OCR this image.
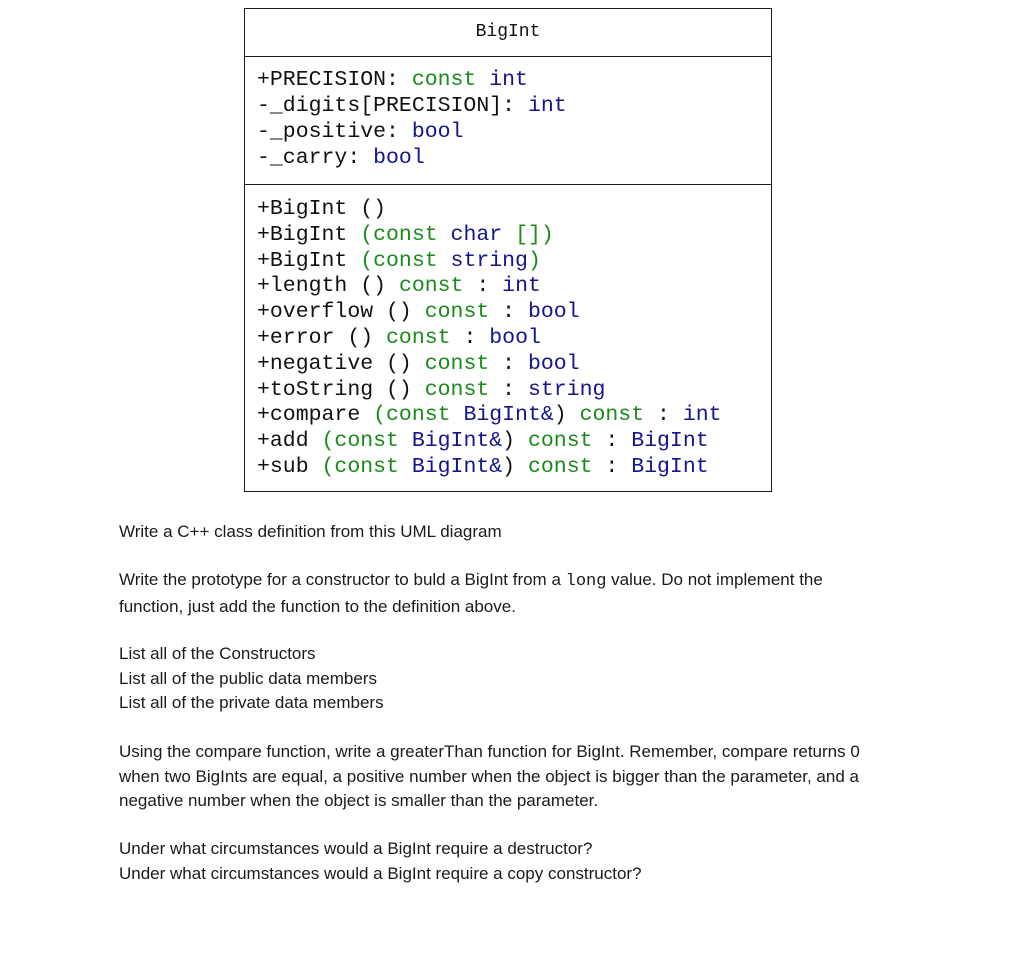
BigInt
+PRECISION: const int
-_digits[PRECISION]: int
-_positive: bool
-_carry: bool
+BigInt ()
+BigInt (const char [])
+BigInt (const string)
+length () const : int
+overflow () const : bool
+error () const : bool
+negative () const : bool
+toString () const : string
+compare (const BigInt&) const : int
+add (const BigInt&) const : BigInt
+sub (const BigInt&) const : BigInt

Write a C++ class definition from this UML diagram

Write the prototype for a constructor to buld a BigInt from a long value. Do not implement the function, just add the function to the definition above.

List all of the Constructors

List all of the public data members

List all of the private data members

Using the compare function, write a greaterThan function for BigInt. Remember, compare returns 0 when two BigInts are equal, a positive number when the object is bigger than the parameter, and a negative number when the object is smaller than the parameter.

Under what circumstances would a BigInt require a destructor?

Under what circumstances would a BigInt require a copy constructor?
